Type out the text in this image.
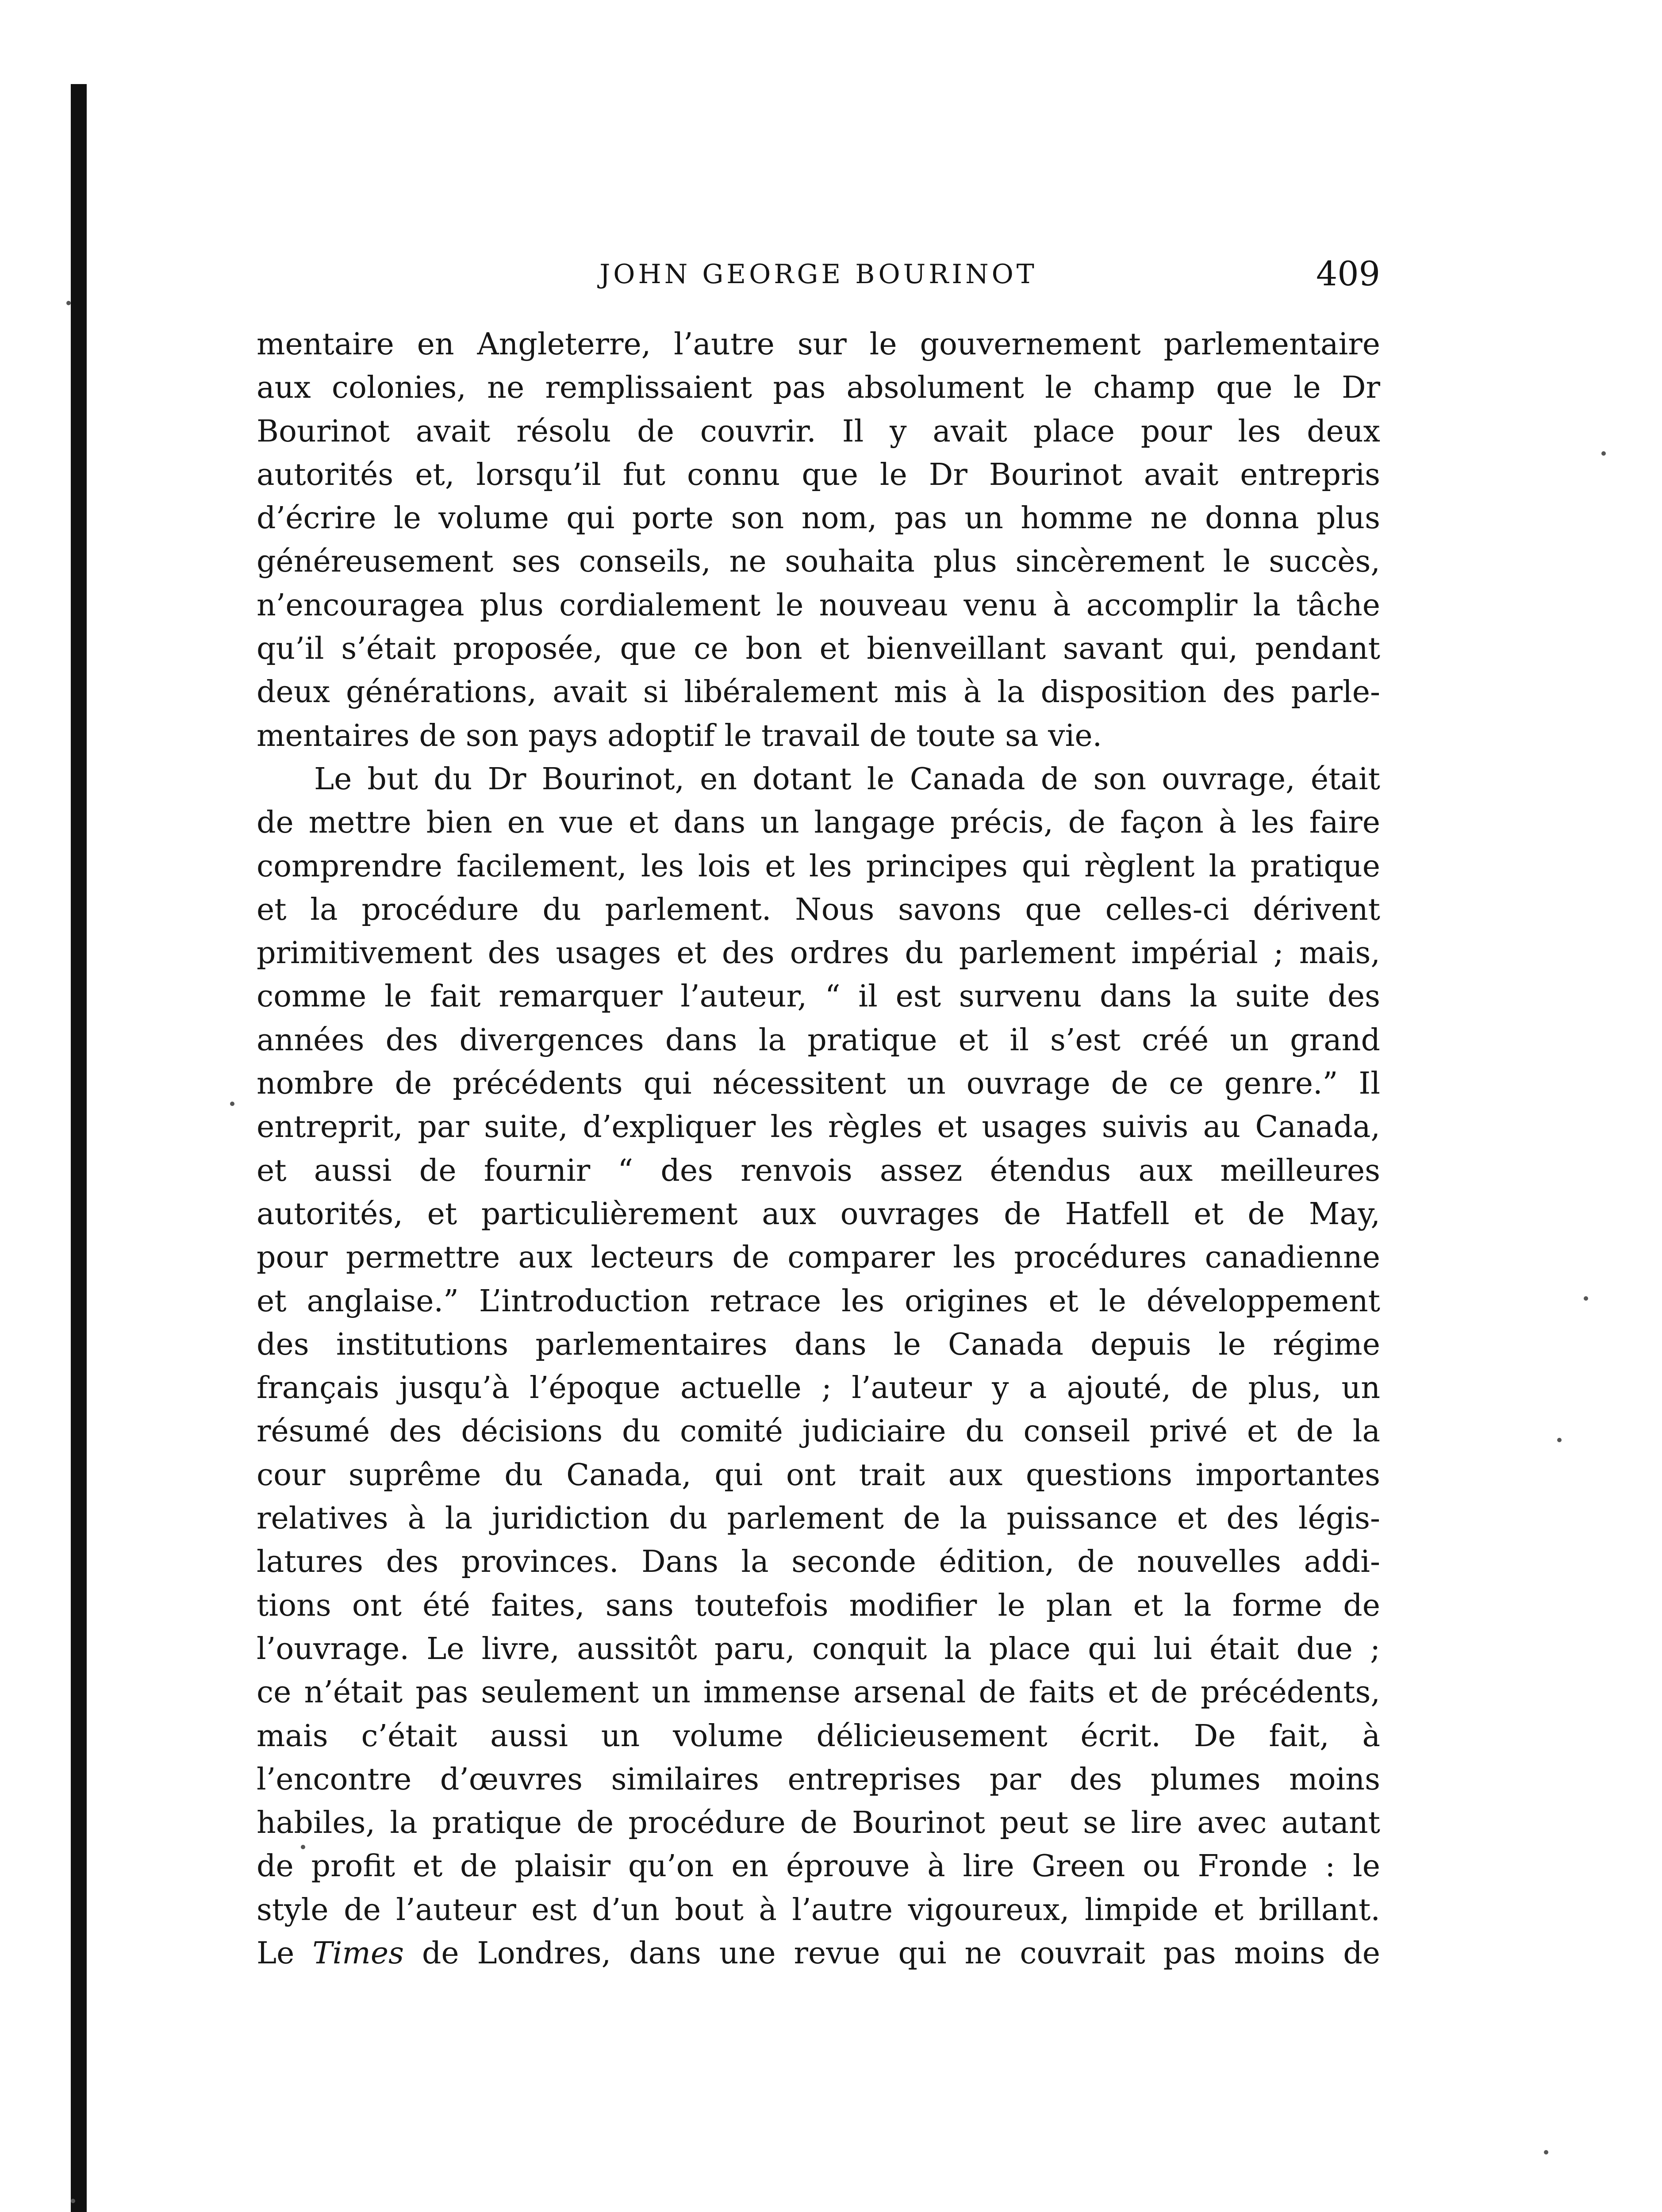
JOHN GEORGE BOURINOT	409

mentaire en Angleterre, l’autre sur le gouvernement parlementaire
aux colonies, ne remplissaient pas absolument le champ que le Dr
Bourinot avait résolu de couvrir. Il y avait place pour les deux
autorités et, lorsqu’il fut connu que le Dr Bourinot avait entrepris
d’écrire le volume qui porte son nom, pas un homme ne donna plus
généreusement ses conseils, ne souhaita plus sincèrement le succès,
n’encouragea plus cordialement le nouveau venu à accomplir la tâche
qu’il s’était proposée, que ce bon et bienveillant savant qui, pendant
deux générations, avait si libéralement mis à la disposition des parle-
mentaires de son pays adoptif le travail de toute sa vie.

Le but du Dr Bourinot, en dotant le Canada de son ouvrage, était
de mettre bien en vue et dans un langage précis, de façon à les faire
comprendre facilement, les lois et les principes qui règlent la pratique
et la procédure du parlement. Nous savons que celles-ci dérivent
primitivement des usages et des ordres du parlement impérial ; mais,
comme le fait remarquer l’auteur, “ il est survenu dans la suite des
années des divergences dans la pratique et il s’est créé un grand
nombre de précédents qui nécessitent un ouvrage de ce genre.” Il
entreprit, par suite, d’expliquer les règles et usages suivis au Canada,
et aussi de fournir “ des renvois assez étendus aux meilleures
autorités, et particulièrement aux ouvrages de Hatfell et de May,
pour permettre aux lecteurs de comparer les procédures canadienne
et anglaise.” L’introduction retrace les origines et le développement
des institutions parlementaires dans le Canada depuis le régime
français jusqu’à l’époque actuelle ; l’auteur y a ajouté, de plus, un
résumé des décisions du comité judiciaire du conseil privé et de la
cour suprême du Canada, qui ont trait aux questions importantes
relatives à la juridiction du parlement de la puissance et des légis-
latures des provinces. Dans la seconde édition, de nouvelles addi-
tions ont été faites, sans toutefois modifier le plan et la forme de
l’ouvrage. Le livre, aussitôt paru, conquit la place qui lui était due ;
ce n’était pas seulement un immense arsenal de faits et de précédents,
mais c’était aussi un volume délicieusement écrit. De fait, à
l’encontre d’œuvres similaires entreprises par des plumes moins
habiles, la pratique de procédure de Bourinot peut se lire avec autant
de profit et de plaisir qu’on en éprouve à lire Green ou Fronde : le
style de l’auteur est d’un bout à l’autre vigoureux, limpide et brillant.
Le Times de Londres, dans une revue qui ne couvrait pas moins de
